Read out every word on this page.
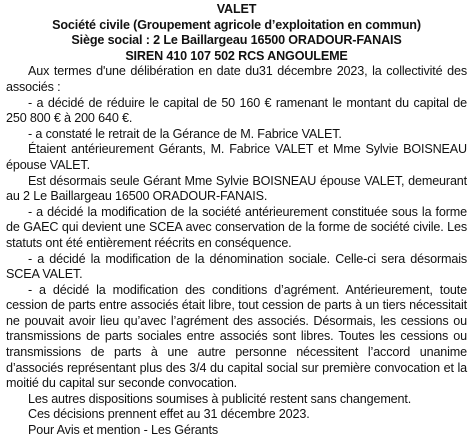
VALET

Société civile (Groupement agricole d’exploitation en commun)

Siège social : 2 Le Baillargeau 16500 ORADOUR-FANAIS

SIREN 410 107 502 RCS ANGOULEME

Aux termes d'une délibération en date du31 décembre 2023, la collectivité des associés :

- a décidé de réduire le capital de 50 160 € ramenant le montant du capital de 250 800 € à 200 640 €.

- a constaté le retrait de la Gérance de M. Fabrice VALET.

Étaient antérieurement Gérants, M. Fabrice VALET et Mme Sylvie BOISNEAU épouse VALET.

Est désormais seule Gérant Mme Sylvie BOISNEAU épouse VALET, demeurant au 2 Le Baillargeau 16500 ORADOUR-FANAIS.

- a décidé la modification de la société antérieurement constituée sous la forme de GAEC qui devient une SCEA avec conservation de la forme de société civile. Les statuts ont été entièrement réécrits en conséquence.

- a décidé la modification de la dénomination sociale. Celle-ci sera désormais SCEA VALET.

- a décidé la modification des conditions d’agrément. Antérieurement, toute cession de parts entre associés était libre, tout cession de parts à un tiers nécessitait ne pouvait avoir lieu qu’avec l’agrément des associés. Désormais, les cessions ou transmissions de parts sociales entre associés sont libres. Toutes les cessions ou transmissions de parts à une autre personne nécessitent l’accord unanime d’associés représentant plus des 3/4 du capital social sur première convocation et la moitié du capital sur seconde convocation.

Les autres dispositions soumises à publicité restent sans changement.

Ces décisions prennent effet au 31 décembre 2023.

Pour Avis et mention - Les Gérants
